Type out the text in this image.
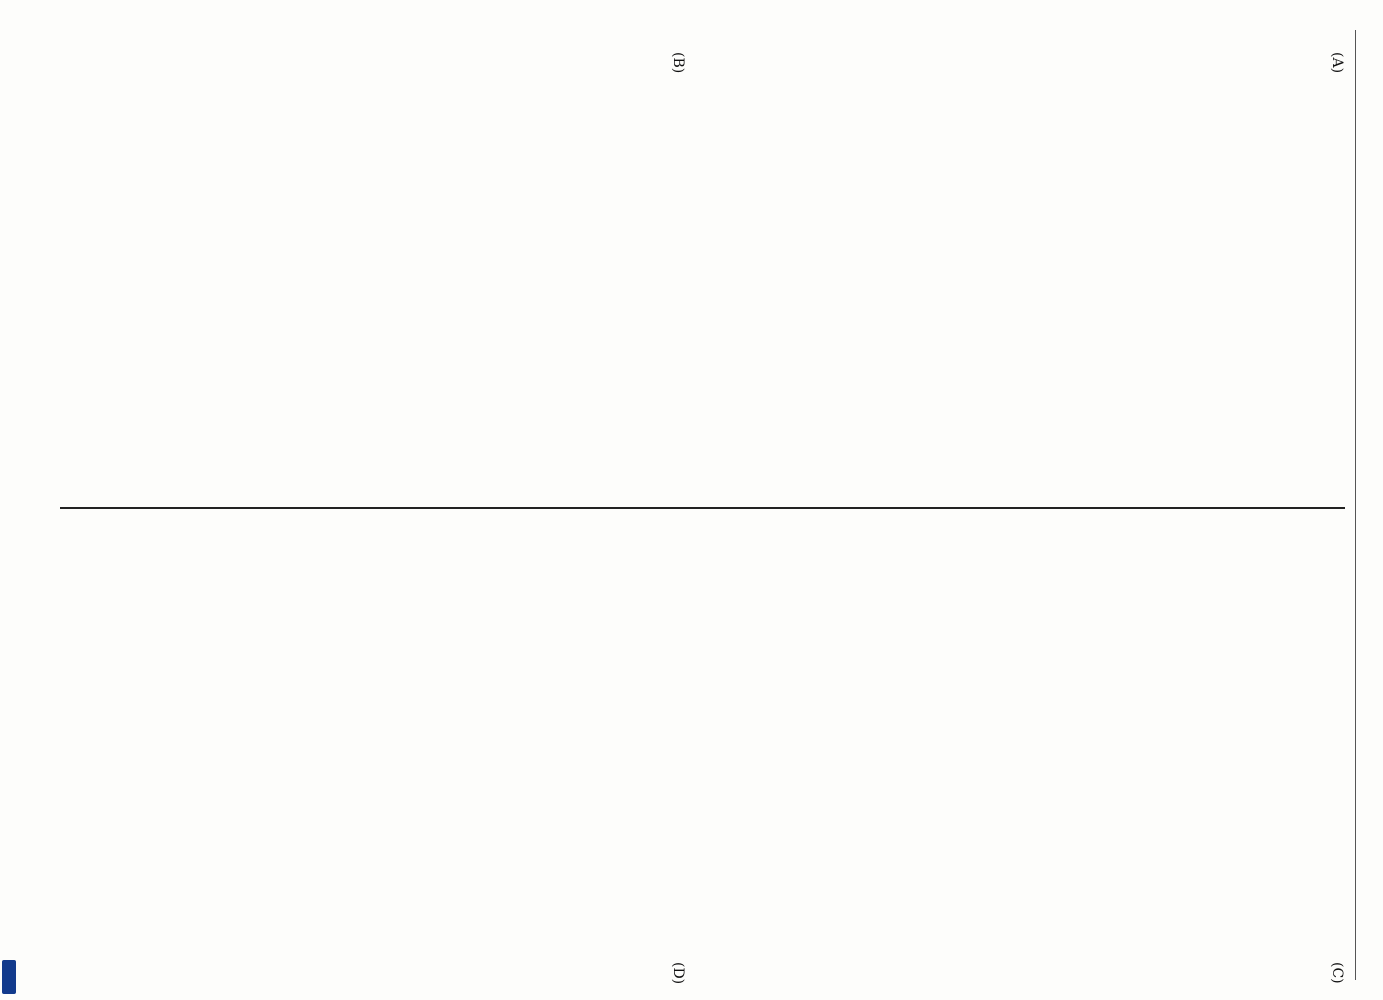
(A)
(B)
(C)
(D)
